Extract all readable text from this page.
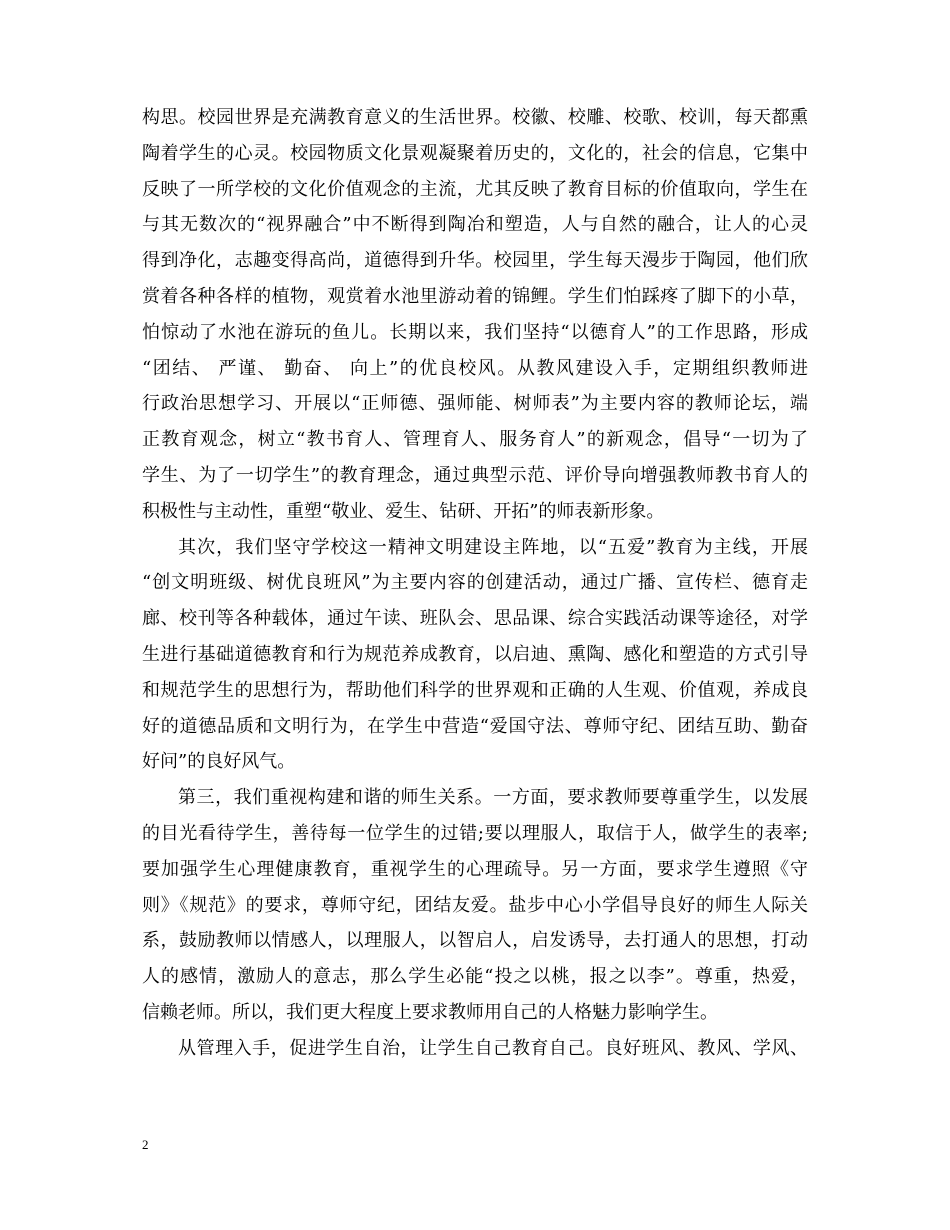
构思。校园世界是充满教育意义的生活世界。校徽、校雕、校歌、校训，每天都熏
陶着学生的心灵。校园物质文化景观凝聚着历史的，文化的，社会的信息，它集中
反映了一所学校的文化价值观念的主流，尤其反映了教育目标的价值取向，学生在
与其无数次的“视界融合”中不断得到陶冶和塑造，人与自然的融合，让人的心灵
得到净化，志趣变得高尚，道德得到升华。校园里，学生每天漫步于陶园，他们欣
赏着各种各样的植物，观赏着水池里游动着的锦鲤。学生们怕踩疼了脚下的小草，
怕惊动了水池在游玩的鱼儿。长期以来，我们坚持“以德育人”的工作思路，形成
“团结、 严谨、 勤奋、 向上”的优良校风。从教风建设入手，定期组织教师进
行政治思想学习、开展以“正师德、强师能、树师表”为主要内容的教师论坛，端
正教育观念，树立“教书育人、管理育人、服务育人”的新观念，倡导“一切为了
学生、为了一切学生”的教育理念，通过典型示范、评价导向增强教师教书育人的
积极性与主动性，重塑“敬业、爱生、钻研、开拓”的师表新形象。
其次，我们坚守学校这一精神文明建设主阵地，以“五爱”教育为主线，开展
“创文明班级、树优良班风”为主要内容的创建活动，通过广播、宣传栏、德育走
廊、校刊等各种载体，通过午读、班队会、思品课、综合实践活动课等途径，对学
生进行基础道德教育和行为规范养成教育，以启迪、熏陶、感化和塑造的方式引导
和规范学生的思想行为，帮助他们科学的世界观和正确的人生观、价值观，养成良
好的道德品质和文明行为，在学生中营造“爱国守法、尊师守纪、团结互助、勤奋
好问”的良好风气。
第三，我们重视构建和谐的师生关系。一方面，要求教师要尊重学生，以发展
的目光看待学生，善待每一位学生的过错;要以理服人，取信于人，做学生的表率;
要加强学生心理健康教育，重视学生的心理疏导。另一方面，要求学生遵照《守
则》《规范》的要求，尊师守纪，团结友爱。盐步中心小学倡导良好的师生人际关
系，鼓励教师以情感人，以理服人，以智启人，启发诱导，去打通人的思想，打动
人的感情，激励人的意志，那么学生必能“投之以桃，报之以李”。尊重，热爱，
信赖老师。所以，我们更大程度上要求教师用自己的人格魅力影响学生。
从管理入手，促进学生自治，让学生自己教育自己。良好班风、教风、学风、
2
